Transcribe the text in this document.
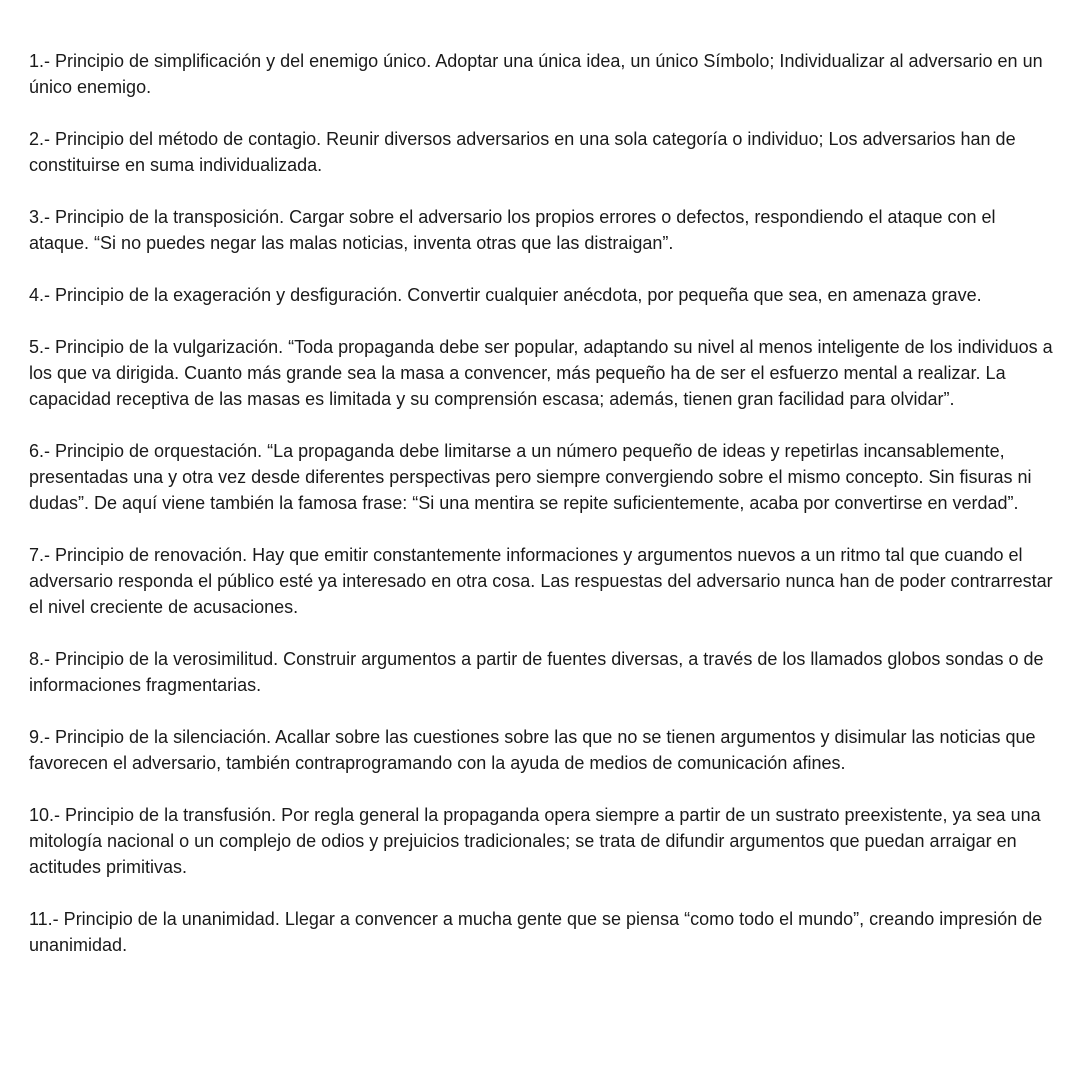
1.- Principio de simplificación y del enemigo único. Adoptar una única idea, un único Símbolo; Individualizar al adversario en un único enemigo.

2.- Principio del método de contagio. Reunir diversos adversarios en una sola categoría o individuo; Los adversarios han de constituirse en suma individualizada.

3.- Principio de la transposición. Cargar sobre el adversario los propios errores o defectos, respondiendo el ataque con el ataque. “Si no puedes negar las malas noticias, inventa otras que las distraigan”.

4.- Principio de la exageración y desfiguración. Convertir cualquier anécdota, por pequeña que sea, en amenaza grave.

5.- Principio de la vulgarización. “Toda propaganda debe ser popular, adaptando su nivel al menos inteligente de los individuos a los que va dirigida. Cuanto más grande sea la masa a convencer, más pequeño ha de ser el esfuerzo mental a realizar. La capacidad receptiva de las masas es limitada y su comprensión escasa; además, tienen gran facilidad para olvidar”.

6.- Principio de orquestación. “La propaganda debe limitarse a un número pequeño de ideas y repetirlas incansablemente, presentadas una y otra vez desde diferentes perspectivas pero siempre convergiendo sobre el mismo concepto. Sin fisuras ni dudas”. De aquí viene también la famosa frase: “Si una mentira se repite suficientemente, acaba por convertirse en verdad”.

7.- Principio de renovación. Hay que emitir constantemente informaciones y argumentos nuevos a un ritmo tal que cuando el adversario responda el público esté ya interesado en otra cosa. Las respuestas del adversario nunca han de poder contrarrestar el nivel creciente de acusaciones.

8.- Principio de la verosimilitud. Construir argumentos a partir de fuentes diversas, a través de los llamados globos sondas o de informaciones fragmentarias.

9.- Principio de la silenciación. Acallar sobre las cuestiones sobre las que no se tienen argumentos y disimular las noticias que favorecen el adversario, también contraprogramando con la ayuda de medios de comunicación afines.

10.- Principio de la transfusión. Por regla general la propaganda opera siempre a partir de un sustrato preexistente, ya sea una mitología nacional o un complejo de odios y prejuicios tradicionales; se trata de difundir argumentos que puedan arraigar en actitudes primitivas.

11.- Principio de la unanimidad. Llegar a convencer a mucha gente que se piensa “como todo el mundo”, creando impresión de unanimidad.
